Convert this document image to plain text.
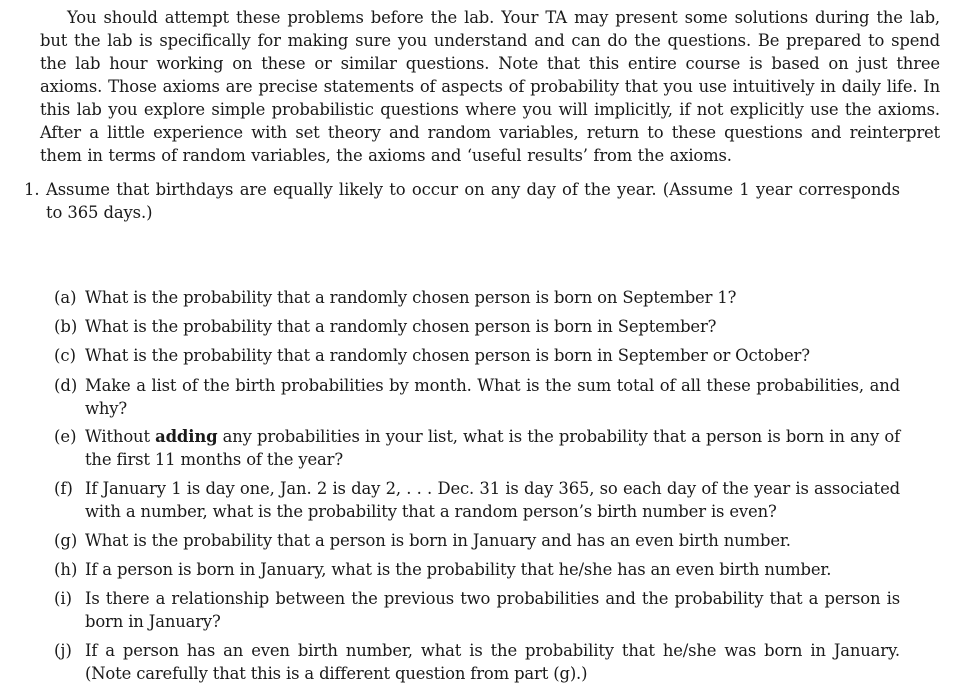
You should attempt these problems before the lab. Your TA may present some solutions during the lab, but the lab is specifically for making sure you understand and can do the questions. Be prepared to spend the lab hour working on these or similar questions. Note that this entire course is based on just three axioms. Those axioms are precise statements of aspects of probability that you use intuitively in daily life. In this lab you explore simple probabilistic questions where you will implicitly, if not explicitly use the axioms. After a little experience with set theory and random variables, return to these questions and reinterpret them in terms of random variables, the axioms and ‘useful results’ from the axioms.

1. Assume that birthdays are equally likely to occur on any day of the year. (Assume 1 year corresponds to 365 days.)

(a) What is the probability that a randomly chosen person is born on September 1?
(b) What is the probability that a randomly chosen person is born in September?
(c) What is the probability that a randomly chosen person is born in September or October?
(d) Make a list of the birth probabilities by month. What is the sum total of all these probabilities, and why?
(e) Without adding any probabilities in your list, what is the probability that a person is born in any of the first 11 months of the year?
(f) If January 1 is day one, Jan. 2 is day 2, . . . Dec. 31 is day 365, so each day of the year is associated with a number, what is the probability that a random person’s birth number is even?
(g) What is the probability that a person is born in January and has an even birth number.
(h) If a person is born in January, what is the probability that he/she has an even birth number.
(i) Is there a relationship between the previous two probabilities and the probability that a person is born in January?
(j) If a person has an even birth number, what is the probability that he/she was born in January. (Note carefully that this is a different question from part (g).)
